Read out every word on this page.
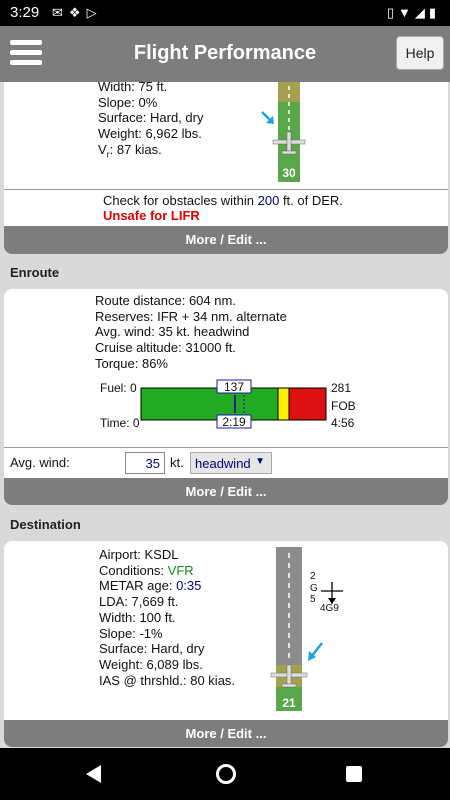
3:29 ✉❖▷	▯▼◢▮
Flight Performance	Help
Width: 75 ft.
Slope: 0%
Surface: Hard, dry
Weight: 6,962 lbs.
$V_r$: 87 kias.
30
Check for obstacles within 200 ft. of DER.
Unsafe for LIFR
More / Edit ...
Enroute
Route distance: 604 nm.
Reserves: IFR + 34 nm. alternate
Avg. wind: 35 kt. headwind
Cruise altitude: 31000 ft.
Torque: 86%
Fuel: 0
Time: 0
137
2:19
281
FOB
4:56
Avg. wind:	35 kt. headwind ▼
More / Edit ...
Destination
Airport: KSDL
Conditions: VFR
METAR age: 0:35
LDA: 7,669 ft.
Width: 100 ft.
Slope: -1%
Surface: Hard, dry
Weight: 6,089 lbs.
IAS @ thrshld.: 80 kias.
21
2
G
5
4G9
More / Edit ...
